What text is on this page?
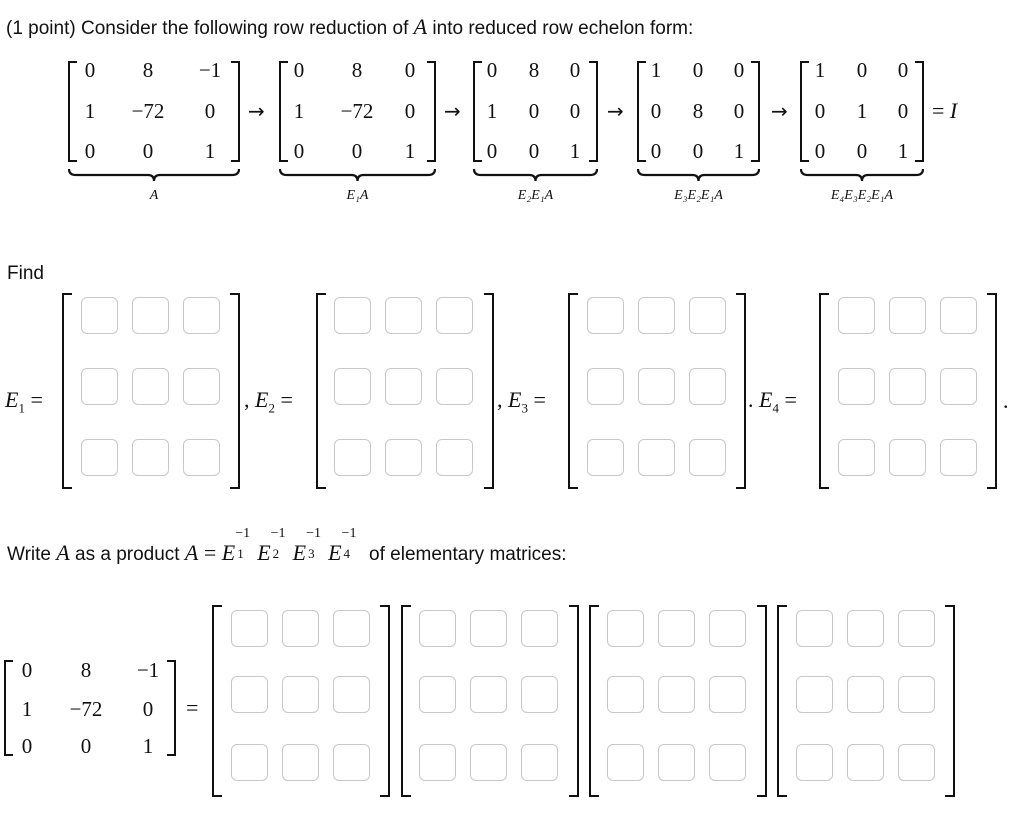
(1 point) Consider the following row reduction of A into reduced row echelon form:
0	8	−1
1	−72	0
0	0	1
A
→
0	8	0
1	−72	0
0	0	1
E₁A
→
0	8	0
1	0	0
0	0	1
E₂E₁A
→
1	0	0
0	8	0
0	0	1
E₃E₂E₁A
→
1	0	0
0	1	0
0	0	1
E₄E₃E₂E₁A
= I
Find
$E_1$ =	, $E_2$ =	, $E_3$ =	. $E_4$ =	.
Write A as a product A = E
−1
1 E
−1
2 E
−1
3 E
−1
4 of elementary matrices:
0	8	−1
1	−72	0
0	0	1
=
